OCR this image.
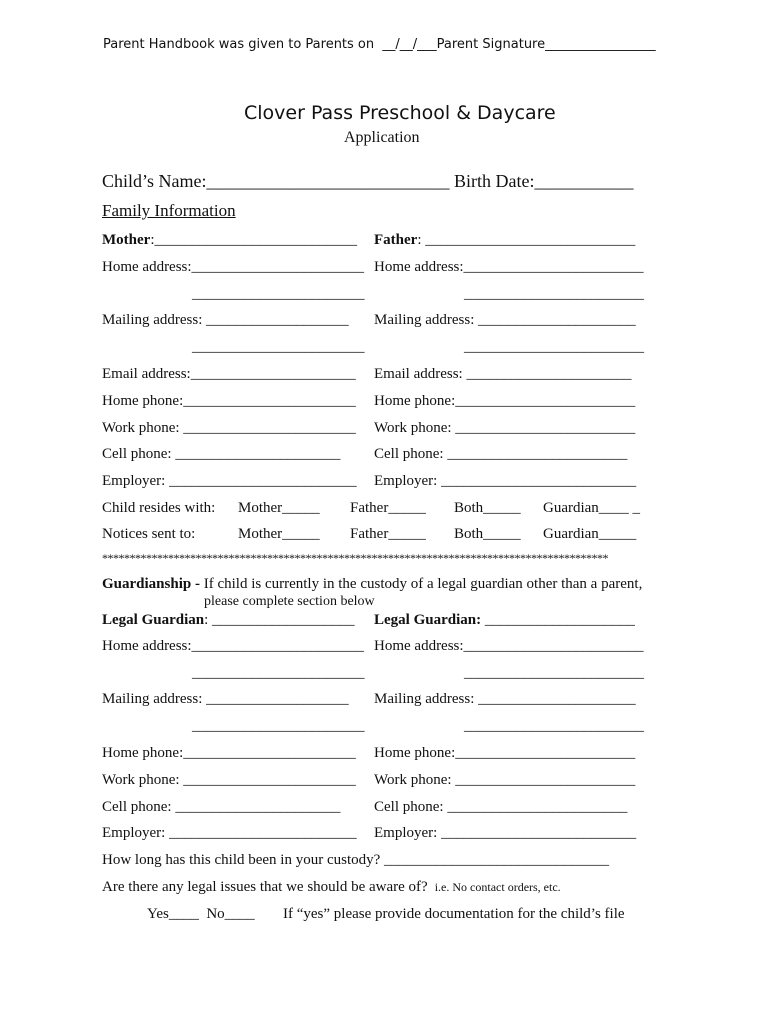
Parent Handbook was given to Parents on  __/__/___Parent Signature_________________
Clover Pass Preschool & Daycare
Application
Child’s Name:___________________________ Birth Date:___________
Family Information
Mother:___________________________ Father: ____________________________
Home address:_______________________
_______________________
Mailing address: ___________________
_______________________
Email address:______________________
Home phone:_______________________
Work phone: _______________________
Cell phone: ______________________
Employer: _________________________
Home address:________________________
________________________
Mailing address: _____________________
________________________
Email address: ______________________
Home phone:________________________
Work phone: ________________________
Cell phone: ________________________
Employer: __________________________
Child resides with: Mother_____ Father_____ Both_____ Guardian____ _
Notices sent to:	Mother_____ Father_____ Both_____ Guardian_____
********************************************************************************************
Guardianship - If child is currently in the custody of a legal guardian other than a parent,
please complete section below
Legal Guardian: ___________________ Legal Guardian: ____________________
Home address:_______________________
_______________________
Mailing address: ___________________
_______________________
Home phone:_______________________
Work phone: _______________________
Cell phone: ______________________
Employer: _________________________
Home address:________________________
________________________
Mailing address: _____________________
________________________
Home phone:________________________
Work phone: ________________________
Cell phone: ________________________
Employer: __________________________
How long has this child been in your custody? ______________________________
Are there any legal issues that we should be aware of? i.e. No contact orders, etc.
Yes____  No____ If “yes” please provide documentation for the child’s file
